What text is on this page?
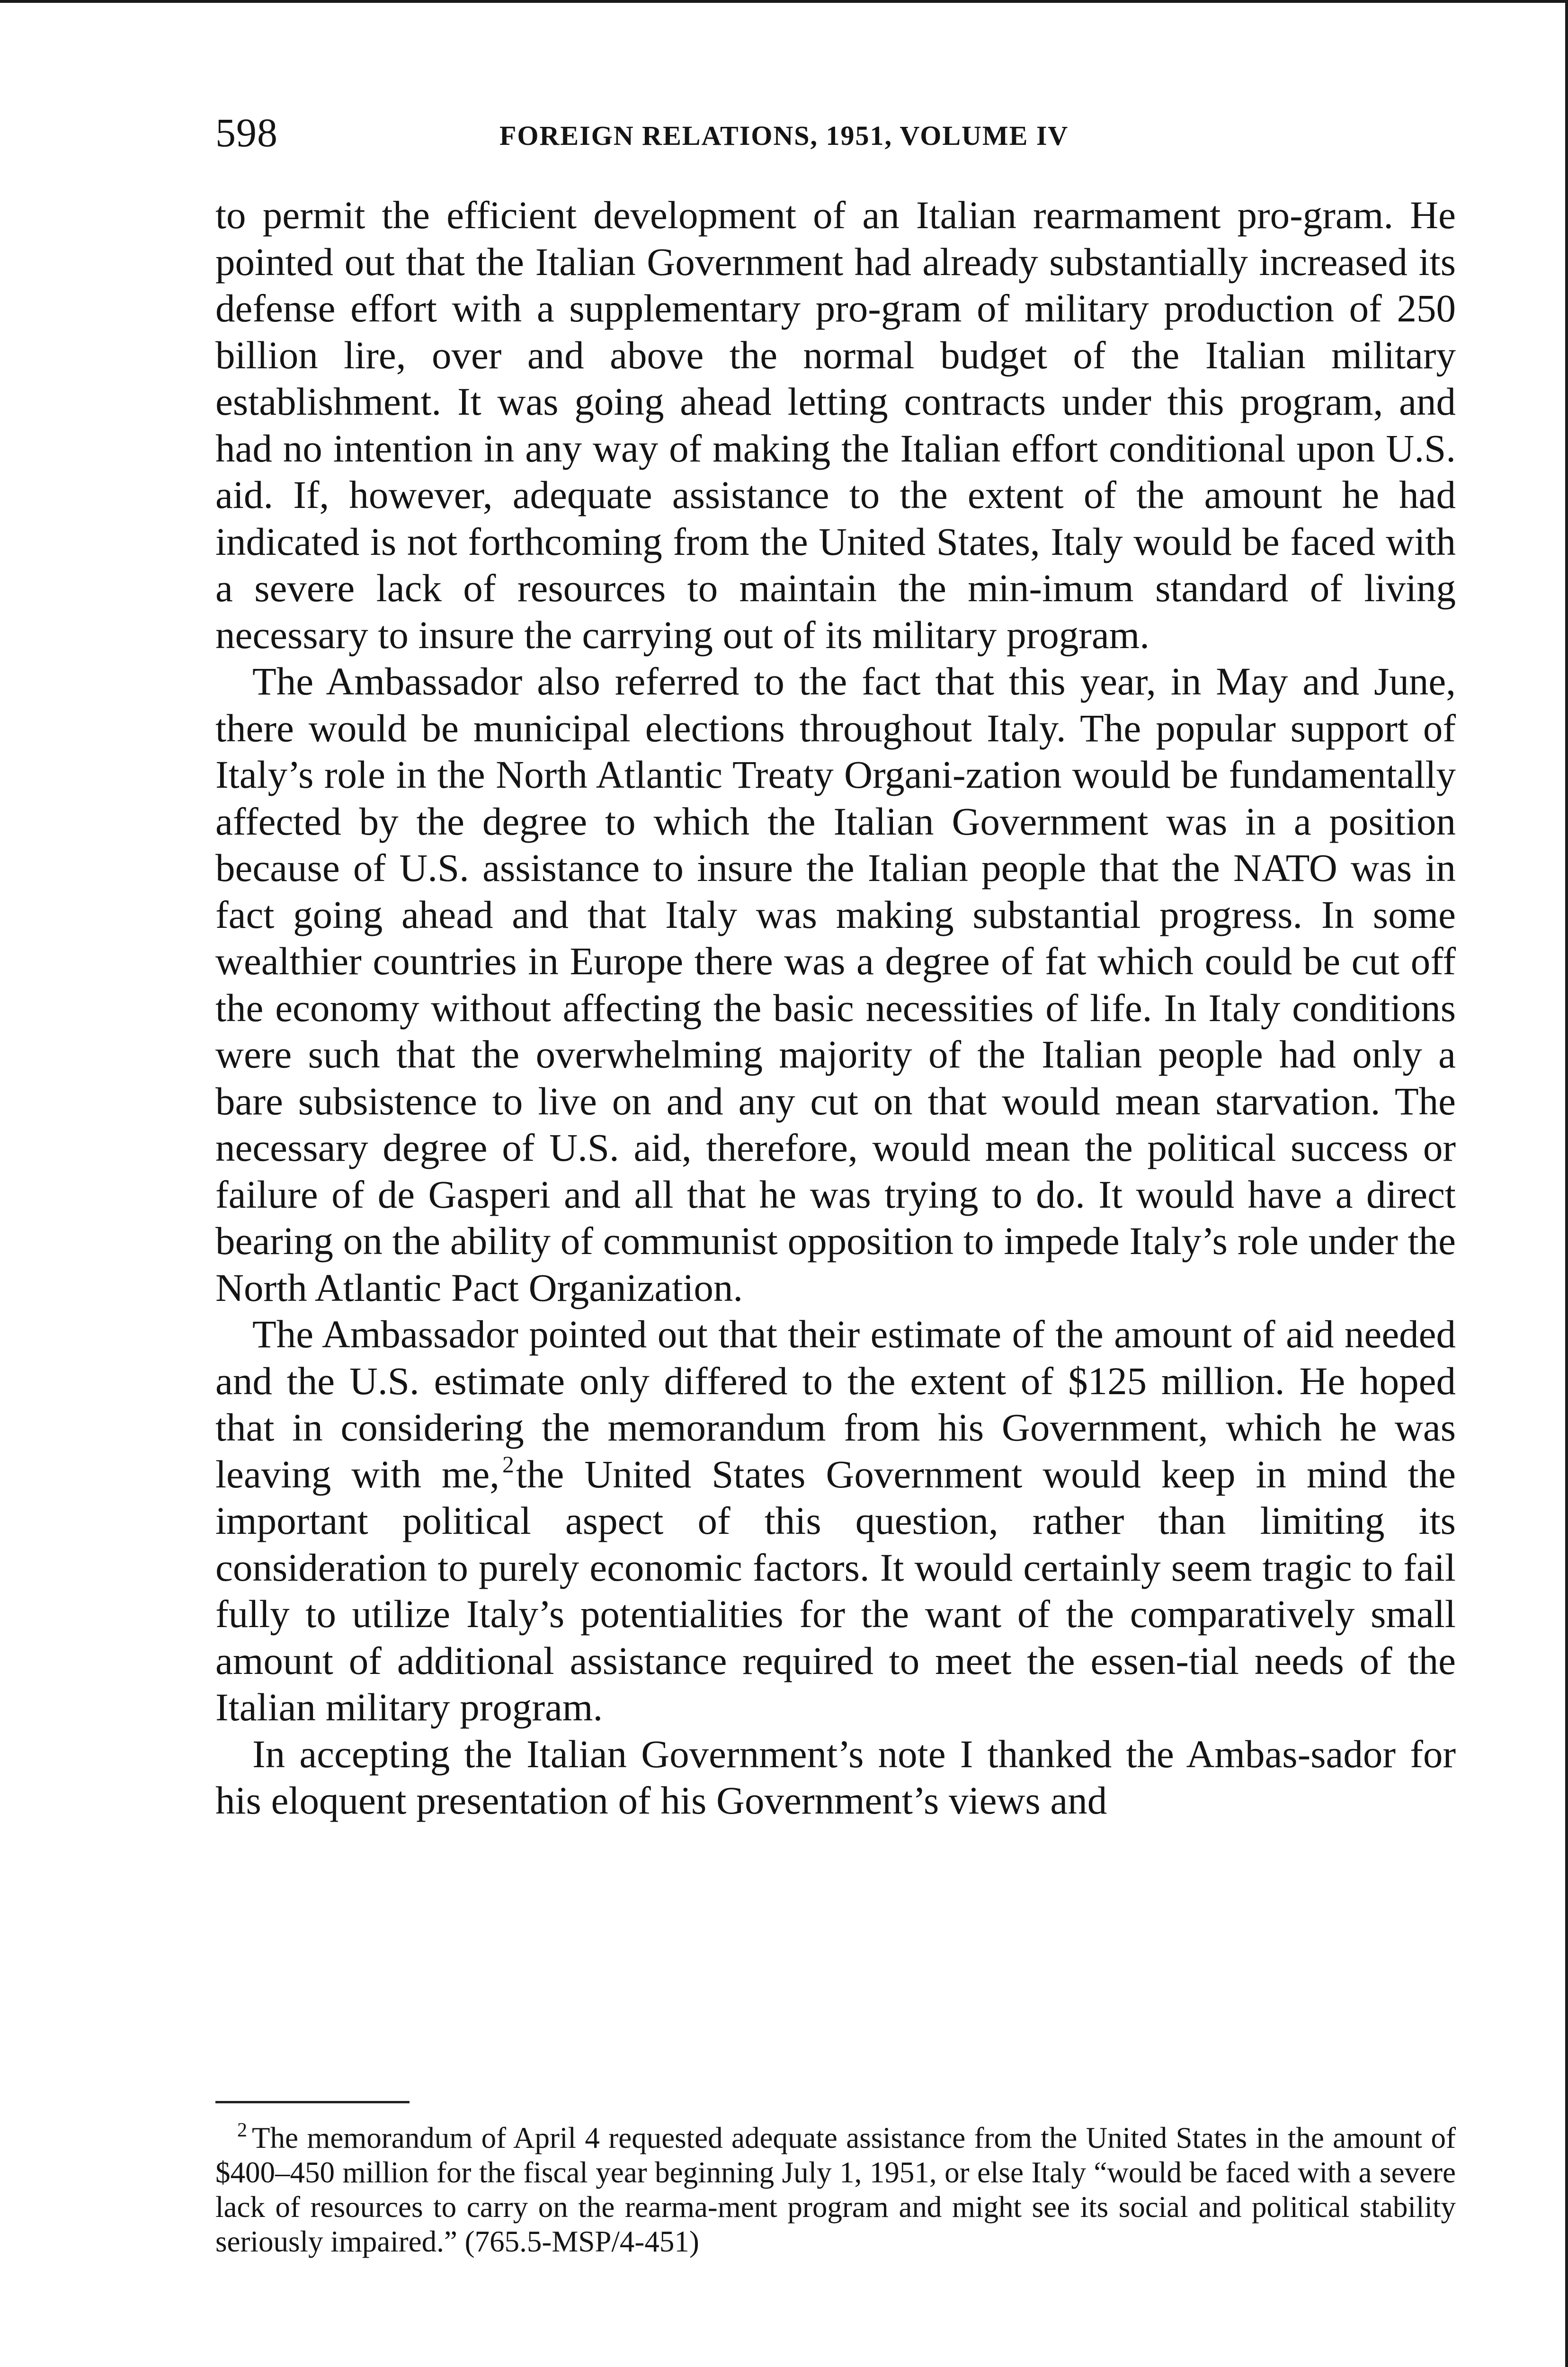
598	FOREIGN RELATIONS, 1951, VOLUME IV

to permit the efficient development of an Italian rearmament pro-gram. He pointed out that the Italian Government had already substantially increased its defense effort with a supplementary pro-gram of military production of 250 billion lire, over and above the normal budget of the Italian military establishment. It was going ahead letting contracts under this program, and had no intention in any way of making the Italian effort conditional upon U.S. aid. If, however, adequate assistance to the extent of the amount he had indicated is not forthcoming from the United States, Italy would be faced with a severe lack of resources to maintain the min-imum standard of living necessary to insure the carrying out of its military program.

The Ambassador also referred to the fact that this year, in May and June, there would be municipal elections throughout Italy. The popular support of Italy’s role in the North Atlantic Treaty Organi-zation would be fundamentally affected by the degree to which the Italian Government was in a position because of U.S. assistance to insure the Italian people that the NATO was in fact going ahead and that Italy was making substantial progress. In some wealthier countries in Europe there was a degree of fat which could be cut off the economy without affecting the basic necessities of life. In Italy conditions were such that the overwhelming majority of the Italian people had only a bare subsistence to live on and any cut on that would mean starvation. The necessary degree of U.S. aid, therefore, would mean the political success or failure of de Gasperi and all that he was trying to do. It would have a direct bearing on the ability of communist opposition to impede Italy’s role under the North Atlantic Pact Organization.

The Ambassador pointed out that their estimate of the amount of aid needed and the U.S. estimate only differed to the extent of $125 million. He hoped that in considering the memorandum from his Government, which he was leaving with me, $^2$the United States Government would keep in mind the important political aspect of this question, rather than limiting its consideration to purely economic factors. It would certainly seem tragic to fail fully to utilize Italy’s potentialities for the want of the comparatively small amount of additional assistance required to meet the essen-tial needs of the Italian military program.

In accepting the Italian Government’s note I thanked the Ambas-sador for his eloquent presentation of his Government’s views and

$^2$ The memorandum of April 4 requested adequate assistance from the United States in the amount of $400–450 million for the fiscal year beginning July 1, 1951, or else Italy “would be faced with a severe lack of resources to carry on the rearma-ment program and might see its social and political stability seriously impaired.” (765.5-MSP/4-451)
